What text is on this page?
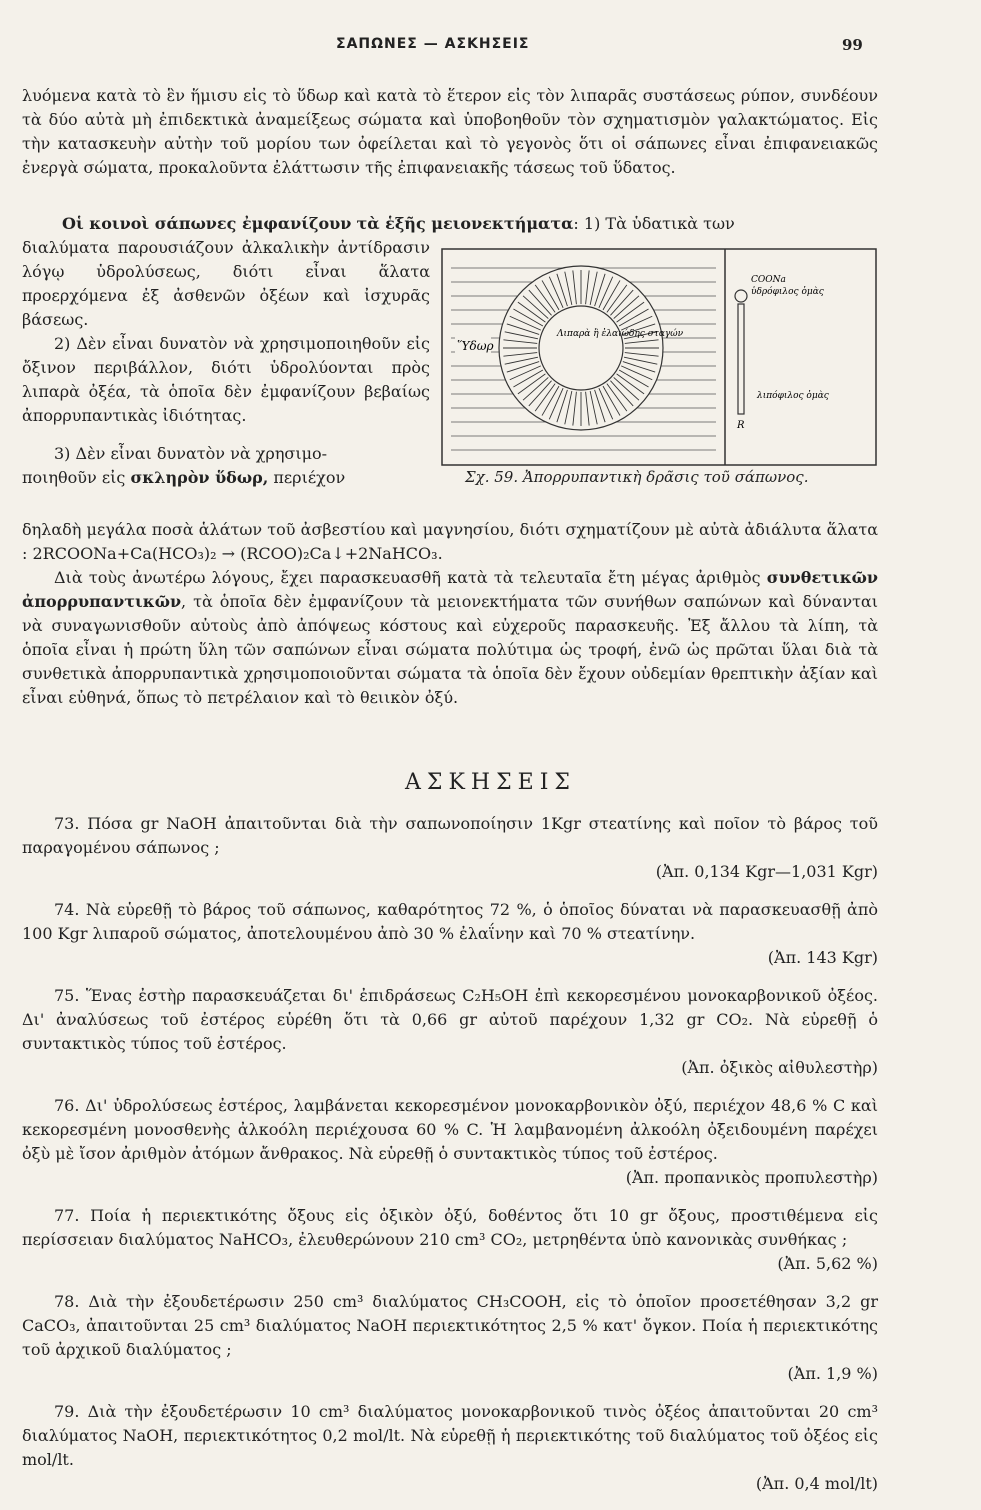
ΣΑΠΩΝΕΣ — ΑΣΚΗΣΕΙΣ	99

λυόμενα κατὰ τὸ ἓν ἥμισυ εἰς τὸ ὕδωρ καὶ κατὰ τὸ ἕτερον εἰς τὸν λιπαρᾶς συστάσεως ρύπον, συνδέουν τὰ δύο αὐτὰ μὴ ἐπιδεκτικὰ ἀναμείξεως σώματα καὶ ὑποβοηθοῦν τὸν σχηματισμὸν γαλακτώματος. Εἰς τὴν κατασκευὴν αὐτὴν τοῦ μορίου των ὀφείλεται καὶ τὸ γεγονὸς ὅτι οἱ σάπωνες εἶναι ἐπιφανειακῶς ἐνεργὰ σώματα, προκαλοῦντα ἐλάττωσιν τῆς ἐπιφανειακῆς τάσεως τοῦ ὕδατος.

Οἱ κοινοὶ σάπωνες ἐμφανίζουν τὰ ἑξῆς μειονεκτήματα: 1) Τὰ ὑδατικὰ των

διαλύματα παρουσιάζουν ἀλκαλικὴν ἀντίδρασιν λόγῳ ὑδρολύσεως, διότι εἶναι ἅλατα προερχόμενα ἐξ ἀσθενῶν ὀξέων καὶ ἰσχυρᾶς βάσεως.

2) Δὲν εἶναι δυνατὸν νὰ χρησιμοποιηθοῦν εἰς ὄξινον περιβάλλον, διότι ὑδρολύονται πρὸς λιπαρὰ ὀξέα, τὰ ὁποῖα δὲν ἐμφανίζουν βεβαίως ἀπορρυπαντικὰς ἰδιότητας.

3) Δὲν εἶναι δυνατὸν νὰ χρησιμο-

ποιηθοῦν εἰς σκληρὸν ὕδωρ, περιέχον

Ὕδωρ
Λιπαρὰ ἢ ἐλαιώδης σταγών
COONa
ὑδρόφιλος ὁμὰς
λιπόφιλος ὁμὰς
R
Σχ. 59. Ἀπορρυπαντικὴ δρᾶσις τοῦ σάπωνος.

δηλαδὴ μεγάλα ποσὰ ἁλάτων τοῦ ἀσβεστίου καὶ μαγνησίου, διότι σχηματίζουν μὲ αὐτὰ ἀδιάλυτα ἅλατα : 2RCOONa+Ca(HCO₃)₂ → (RCOO)₂Ca↓+2NaHCO₃.

Διὰ τοὺς ἀνωτέρω λόγους, ἔχει παρασκευασθῆ κατὰ τὰ τελευταῖα ἔτη μέγας ἀριθμὸς συνθετικῶν ἀπορρυπαντικῶν, τὰ ὁποῖα δὲν ἐμφανίζουν τὰ μειονεκτήματα τῶν συνήθων σαπώνων καὶ δύνανται νὰ συναγωνισθοῦν αὐτοὺς ἀπὸ ἀπόψεως κόστους καὶ εὐχεροῦς παρασκευῆς. Ἐξ ἄλλου τὰ λίπη, τὰ ὁποῖα εἶναι ἡ πρώτη ὕλη τῶν σαπώνων εἶναι σώματα πολύτιμα ὡς τροφή, ἐνῶ ὡς πρῶται ὕλαι διὰ τὰ συνθετικὰ ἀπορρυπαντικὰ χρησιμοποιοῦνται σώματα τὰ ὁποῖα δὲν ἔχουν οὐδεμίαν θρεπτικὴν ἀξίαν καὶ εἶναι εὐθηνά, ὅπως τὸ πετρέλαιον καὶ τὸ θειικὸν ὀξύ.

ΑΣΚΗΣΕΙΣ

73. Πόσα gr NaOH ἀπαιτοῦνται διὰ τὴν σαπωνοποίησιν 1Kgr στεατίνης καὶ ποῖον τὸ βάρος τοῦ παραγομένου σάπωνος ;

(Ἀπ. 0,134 Kgr—1,031 Kgr)

74. Νὰ εὑρεθῇ τὸ βάρος τοῦ σάπωνος, καθαρότητος 72 %, ὁ ὁποῖος δύναται νὰ παρασκευασθῇ ἀπὸ 100 Kgr λιπαροῦ σώματος, ἀποτελουμένου ἀπὸ 30 % ἐλαΐνην καὶ 70 % στεατίνην.

(Ἀπ. 143 Kgr)

75. Ἕνας ἐστὴρ παρασκευάζεται δι' ἐπιδράσεως C₂H₅OH ἐπὶ κεκορεσμένου μονοκαρβονικοῦ ὀξέος. Δι' ἀναλύσεως τοῦ ἐστέρος εὑρέθη ὅτι τὰ 0,66 gr αὐτοῦ παρέχουν 1,32 gr CO₂. Νὰ εὑρεθῇ ὁ συντακτικὸς τύπος τοῦ ἐστέρος.

(Ἀπ. ὀξικὸς αἰθυλεστὴρ)

76. Δι' ὑδρολύσεως ἐστέρος, λαμβάνεται κεκορεσμένον μονοκαρβονικὸν ὀξύ, περιέχον 48,6 % C καὶ κεκορεσμένη μονοσθενὴς ἀλκοόλη περιέχουσα 60 % C. Ἡ λαμβανομένη ἀλκοόλη ὀξειδουμένη παρέχει ὀξὺ μὲ ἴσον ἀριθμὸν ἀτόμων ἄνθρακος. Νὰ εὑρεθῇ ὁ συντακτικὸς τύπος τοῦ ἐστέρος.

(Ἀπ. προπανικὸς προπυλεστὴρ)

77. Ποία ἡ περιεκτικότης ὄξους εἰς ὀξικὸν ὀξύ, δοθέντος ὅτι 10 gr ὄξους, προστιθέμενα εἰς περίσσειαν διαλύματος NaHCO₃, ἐλευθερώνουν 210 cm³ CO₂, μετρηθέντα ὑπὸ κανονικὰς συνθήκας ;

(Ἀπ. 5,62 %)

78. Διὰ τὴν ἐξουδετέρωσιν 250 cm³ διαλύματος CH₃COOH, εἰς τὸ ὁποῖον προσετέθησαν 3,2 gr CaCO₃, ἀπαιτοῦνται 25 cm³ διαλύματος NaOH περιεκτικότητος 2,5 % κατ' ὄγκον. Ποία ἡ περιεκτικότης τοῦ ἀρχικοῦ διαλύματος ;

(Ἀπ. 1,9 %)

79. Διὰ τὴν ἐξουδετέρωσιν 10 cm³ διαλύματος μονοκαρβονικοῦ τινὸς ὀξέος ἀπαιτοῦνται 20 cm³ διαλύματος NaOH, περιεκτικότητος 0,2 mol/lt. Νὰ εὑρεθῇ ἡ περιεκτικότης τοῦ διαλύματος τοῦ ὀξέος εἰς mol/lt.

(Ἀπ. 0,4 mol/lt)
